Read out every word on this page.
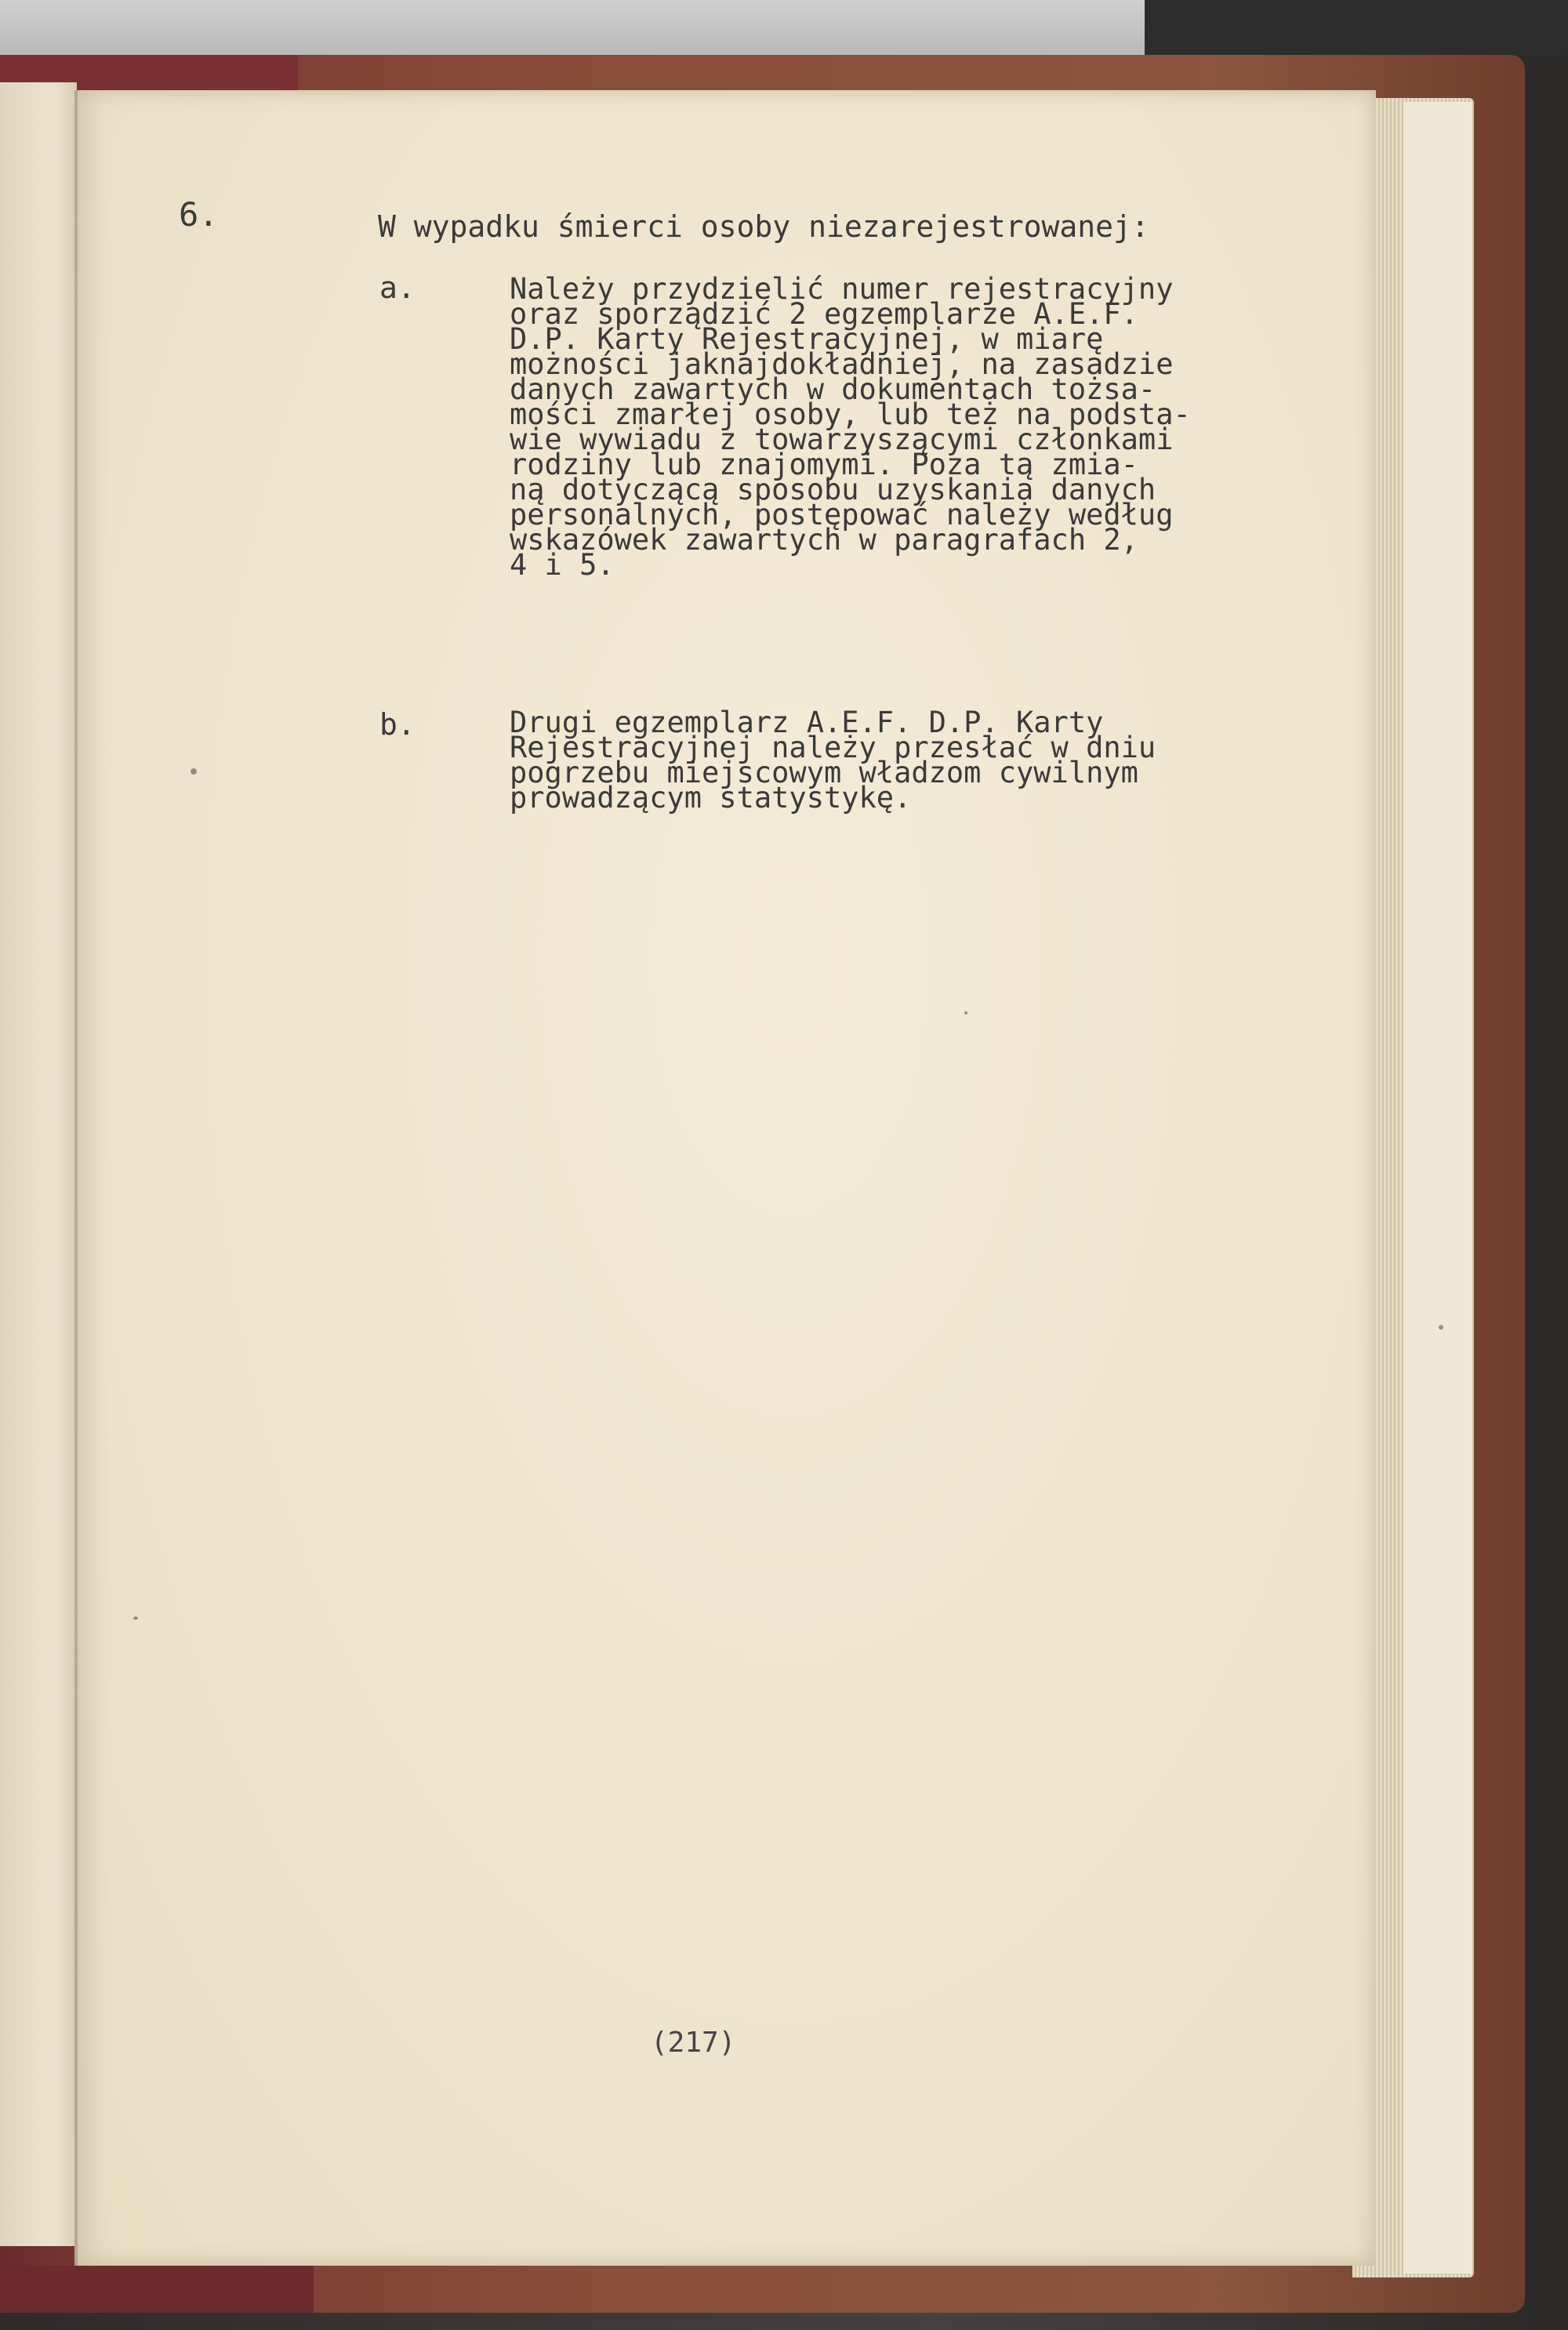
6.	W wypadku śmierci osoby niezarejestrowanej:
a.	Należy przydzielić numer rejestracyjny
oraz sporządzić 2 egzemplarze A.E.F.
D.P. Karty Rejestracyjnej, w miarę
możności jaknajdokładniej, na zasadzie
danych zawartych w dokumentach tożsa-
mości zmarłej osoby, lub też na podsta-
wie wywiadu z towarzyszącymi członkami
rodziny lub znajomymi. Poza tą zmia-
ną dotyczącą sposobu uzyskania danych
personalnych, postępować należy według
wskazówek zawartych w paragrafach 2,
4 i 5.
b.	Drugi egzemplarz A.E.F. D.P. Karty
Rejestracyjnej należy przesłać w dniu
pogrzebu miejscowym władzom cywilnym
prowadzącym statystykę.
(217)
